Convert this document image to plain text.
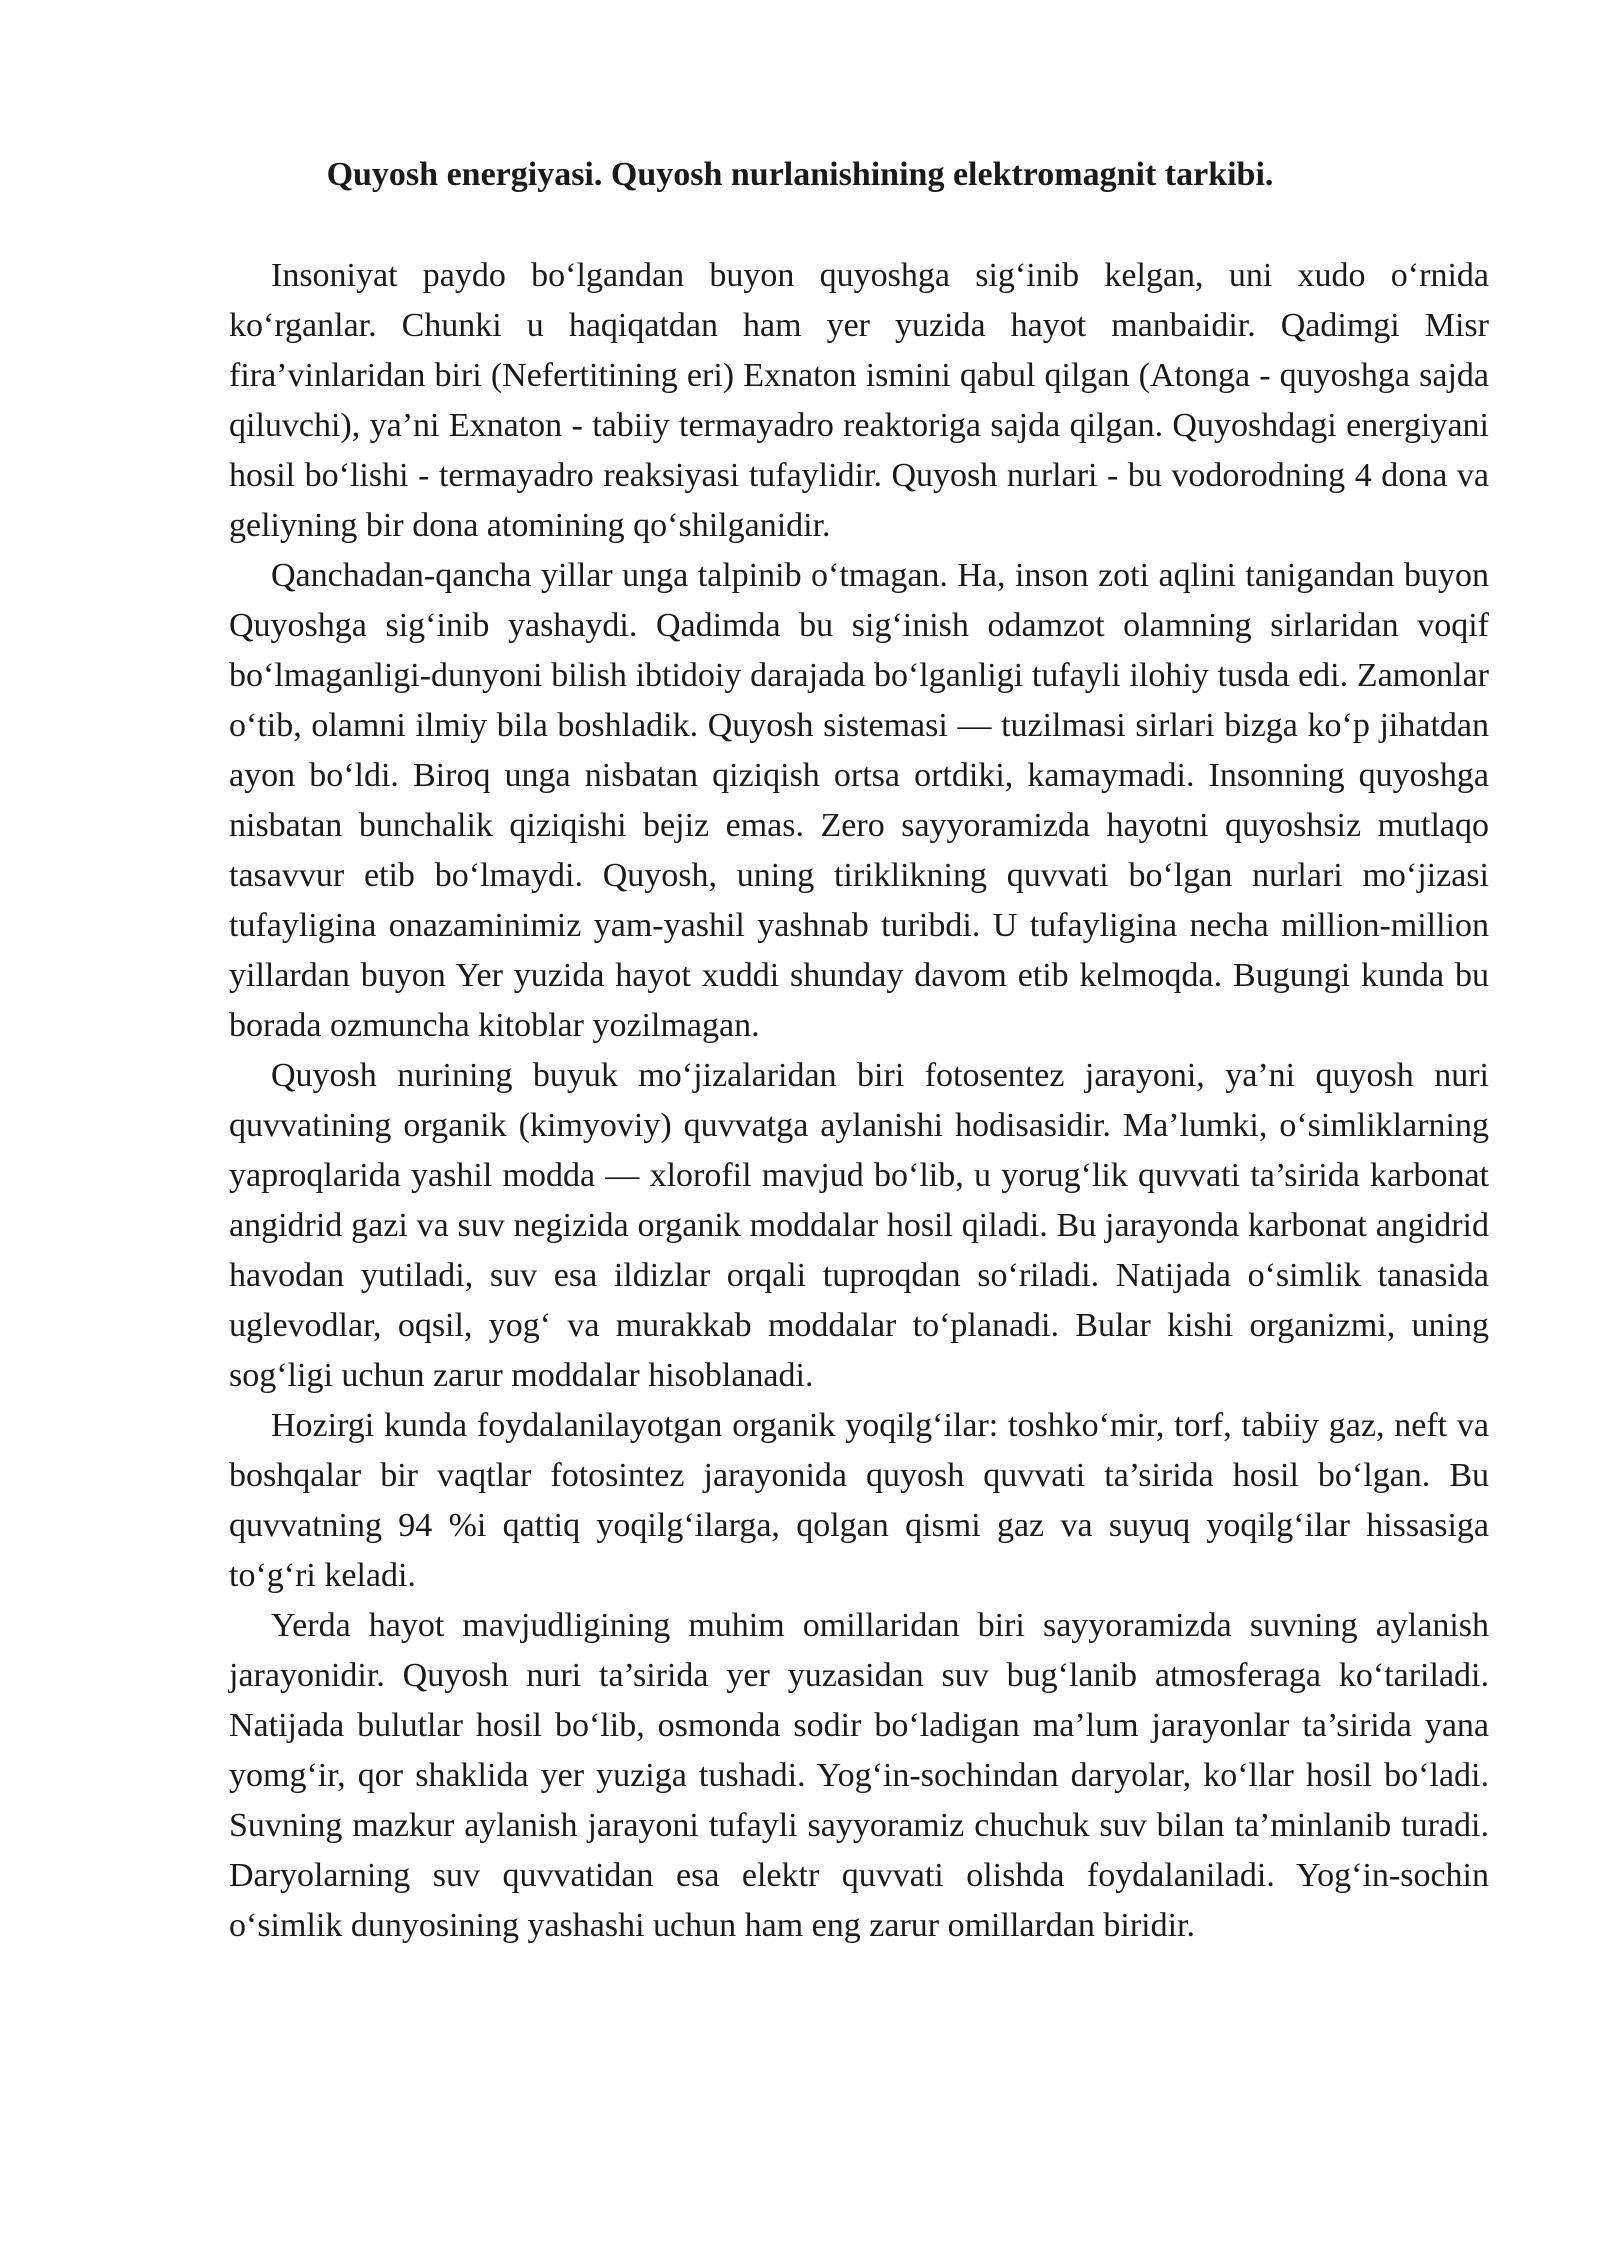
Quyosh energiyasi. Quyosh nurlanishining elektromagnit tarkibi.

Insoniyat paydo bo‘lgandan buyon quyoshga sig‘inib kelgan, uni xudo o‘rnida ko‘rganlar. Chunki u haqiqatdan ham yer yuzida hayot manbaidir. Qadimgi Misr fira’vinlaridan biri (Nefertitining eri) Exnaton ismini qabul qilgan (Atonga - quyoshga sajda qiluvchi), ya’ni Exnaton - tabiiy termayadro reaktoriga sajda qilgan. Quyoshdagi energiyani hosil bo‘lishi - termayadro reaksiyasi tufaylidir. Quyosh nurlari - bu vodorodning 4 dona va geliyning bir dona atomining qo‘shilganidir.

Qanchadan-qancha yillar unga talpinib o‘tmagan. Ha, inson zoti aqlini tanigandan buyon Quyoshga sig‘inib yashaydi. Qadimda bu sig‘inish odamzot olamning sirlaridan voqif bo‘lmaganligi-dunyoni bilish ibtidoiy darajada bo‘lganligi tufayli ilohiy tusda edi. Zamonlar o‘tib, olamni ilmiy bila boshladik. Quyosh sistemasi — tuzilmasi sirlari bizga ko‘p jihatdan ayon bo‘ldi. Biroq unga nisbatan qiziqish ortsa ortdiki, kamaymadi. Insonning quyoshga nisbatan bunchalik qiziqishi bejiz emas. Zero sayyoramizda hayotni quyoshsiz mutlaqo tasavvur etib bo‘lmaydi. Quyosh, uning tiriklikning quvvati bo‘lgan nurlari mo‘jizasi tufayligina onazaminimiz yam-yashil yashnab turibdi. U tufayligina necha million-million yillardan buyon Yer yuzida hayot xuddi shunday davom etib kelmoqda. Bugungi kunda bu borada ozmuncha kitoblar yozilmagan.

Quyosh nurining buyuk mo‘jizalaridan biri fotosentez jarayoni, ya’ni quyosh nuri quvvatining organik (kimyoviy) quvvatga aylanishi hodisasidir. Ma’lumki, o‘simliklarning yaproqlarida yashil modda — xlorofil mavjud bo‘lib, u yorug‘lik quvvati ta’sirida karbonat angidrid gazi va suv negizida organik moddalar hosil qiladi. Bu jarayonda karbonat angidrid havodan yutiladi, suv esa ildizlar orqali tuproqdan so‘riladi. Natijada o‘simlik tanasida uglevodlar, oqsil, yog‘ va murakkab moddalar to‘planadi. Bular kishi organizmi, uning sog‘ligi uchun zarur moddalar hisoblanadi.

Hozirgi kunda foydalanilayotgan organik yoqilg‘ilar: toshko‘mir, torf, tabiiy gaz, neft va boshqalar bir vaqtlar fotosintez jarayonida quyosh quvvati ta’sirida hosil bo‘lgan. Bu quvvatning 94 %i qattiq yoqilg‘ilarga, qolgan qismi gaz va suyuq yoqilg‘ilar hissasiga to‘g‘ri keladi.

Yerda hayot mavjudligining muhim omillaridan biri sayyoramizda suvning aylanish jarayonidir. Quyosh nuri ta’sirida yer yuzasidan suv bug‘lanib atmosferaga ko‘tariladi. Natijada bulutlar hosil bo‘lib, osmonda sodir bo‘ladigan ma’lum jarayonlar ta’sirida yana yomg‘ir, qor shaklida yer yuziga tushadi. Yog‘in-sochindan daryolar, ko‘llar hosil bo‘ladi. Suvning mazkur aylanish jarayoni tufayli sayyoramiz chuchuk suv bilan ta’minlanib turadi. Daryolarning suv quvvatidan esa elektr quvvati olishda foydalaniladi. Yog‘in-sochin o‘simlik dunyosining yashashi uchun ham eng zarur omillardan biridir.
